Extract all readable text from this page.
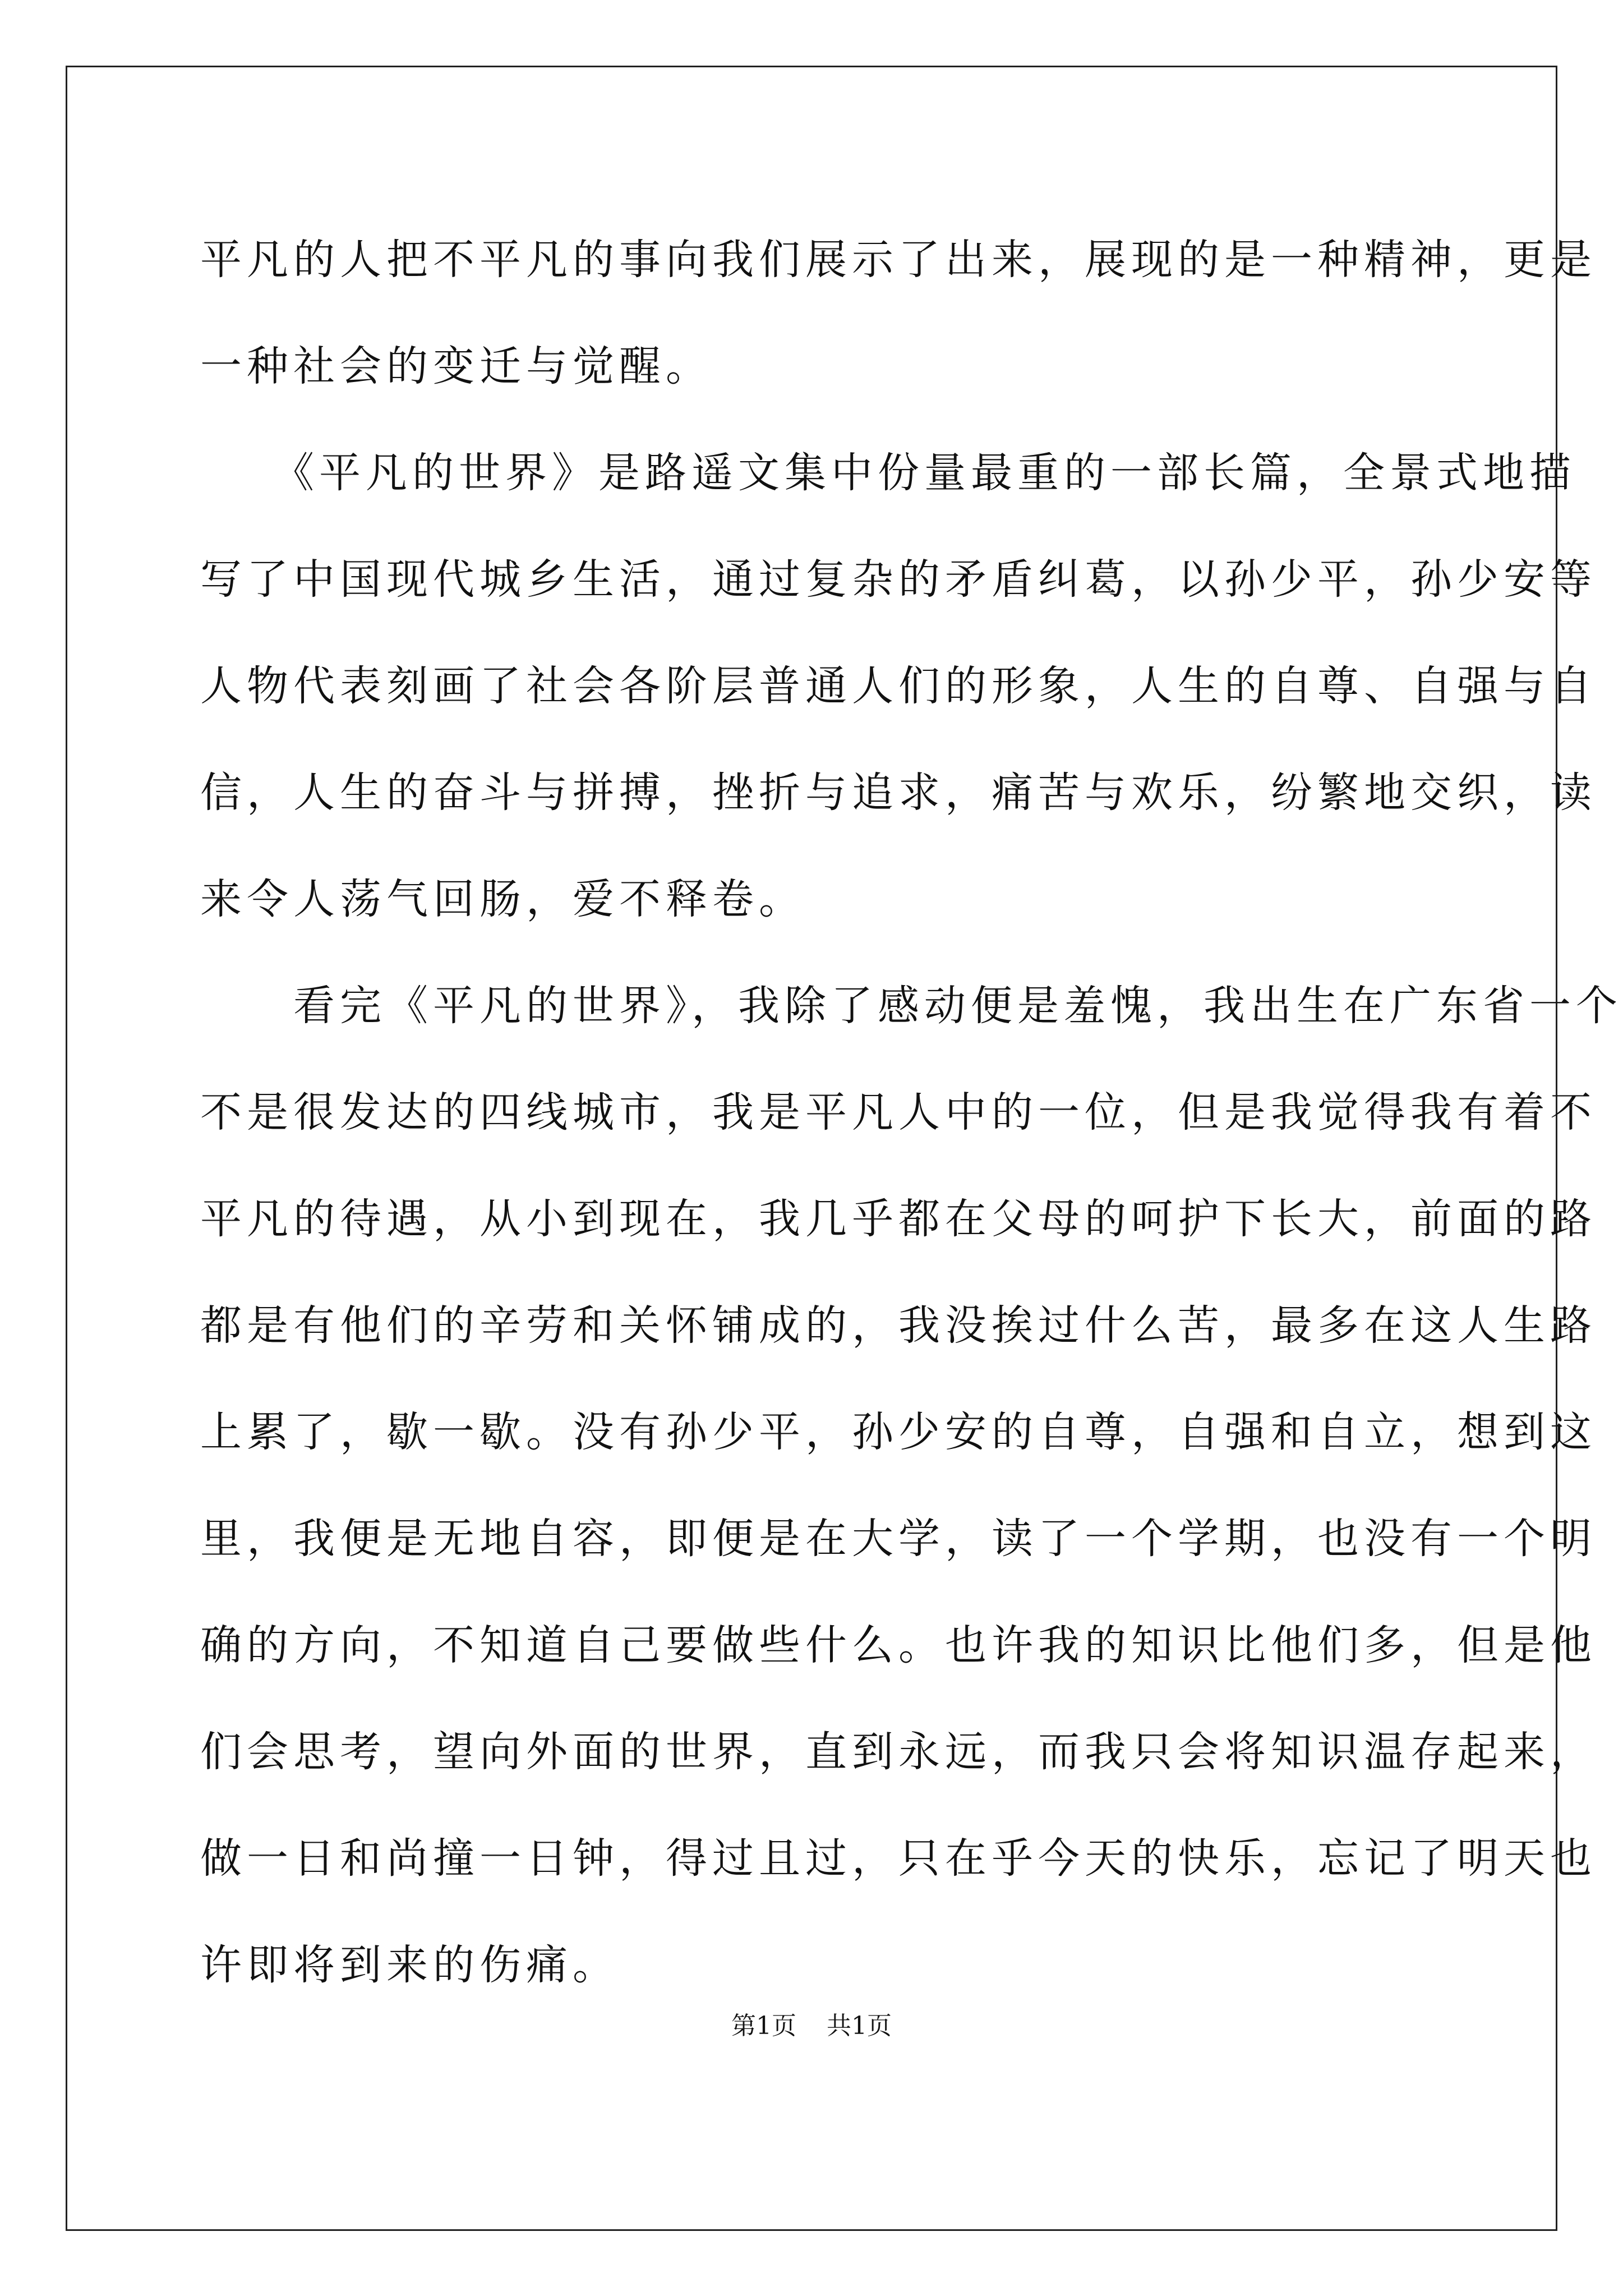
平凡的人把不平凡的事向我们展示了出来，展现的是一种精神，更是

一种社会的变迁与觉醒。

　　《平凡的世界》是路遥文集中份量最重的一部长篇，全景式地描

写了中国现代城乡生活，通过复杂的矛盾纠葛，以孙少平，孙少安等

人物代表刻画了社会各阶层普通人们的形象，人生的自尊、自强与自

信，人生的奋斗与拼搏，挫折与追求，痛苦与欢乐，纷繁地交织，读

来令人荡气回肠，爱不释卷。

　　看完《平凡的世界》，我除了感动便是羞愧，我出生在广东省一个

不是很发达的四线城市，我是平凡人中的一位，但是我觉得我有着不

平凡的待遇，从小到现在，我几乎都在父母的呵护下长大，前面的路

都是有他们的辛劳和关怀铺成的，我没挨过什么苦，最多在这人生路

上累了，歇一歇。没有孙少平，孙少安的自尊，自强和自立，想到这

里，我便是无地自容，即便是在大学，读了一个学期，也没有一个明

确的方向，不知道自己要做些什么。也许我的知识比他们多，但是他

们会思考，望向外面的世界，直到永远，而我只会将知识温存起来，

做一日和尚撞一日钟，得过且过，只在乎今天的快乐，忘记了明天也

许即将到来的伤痛。

第1页 共1页
